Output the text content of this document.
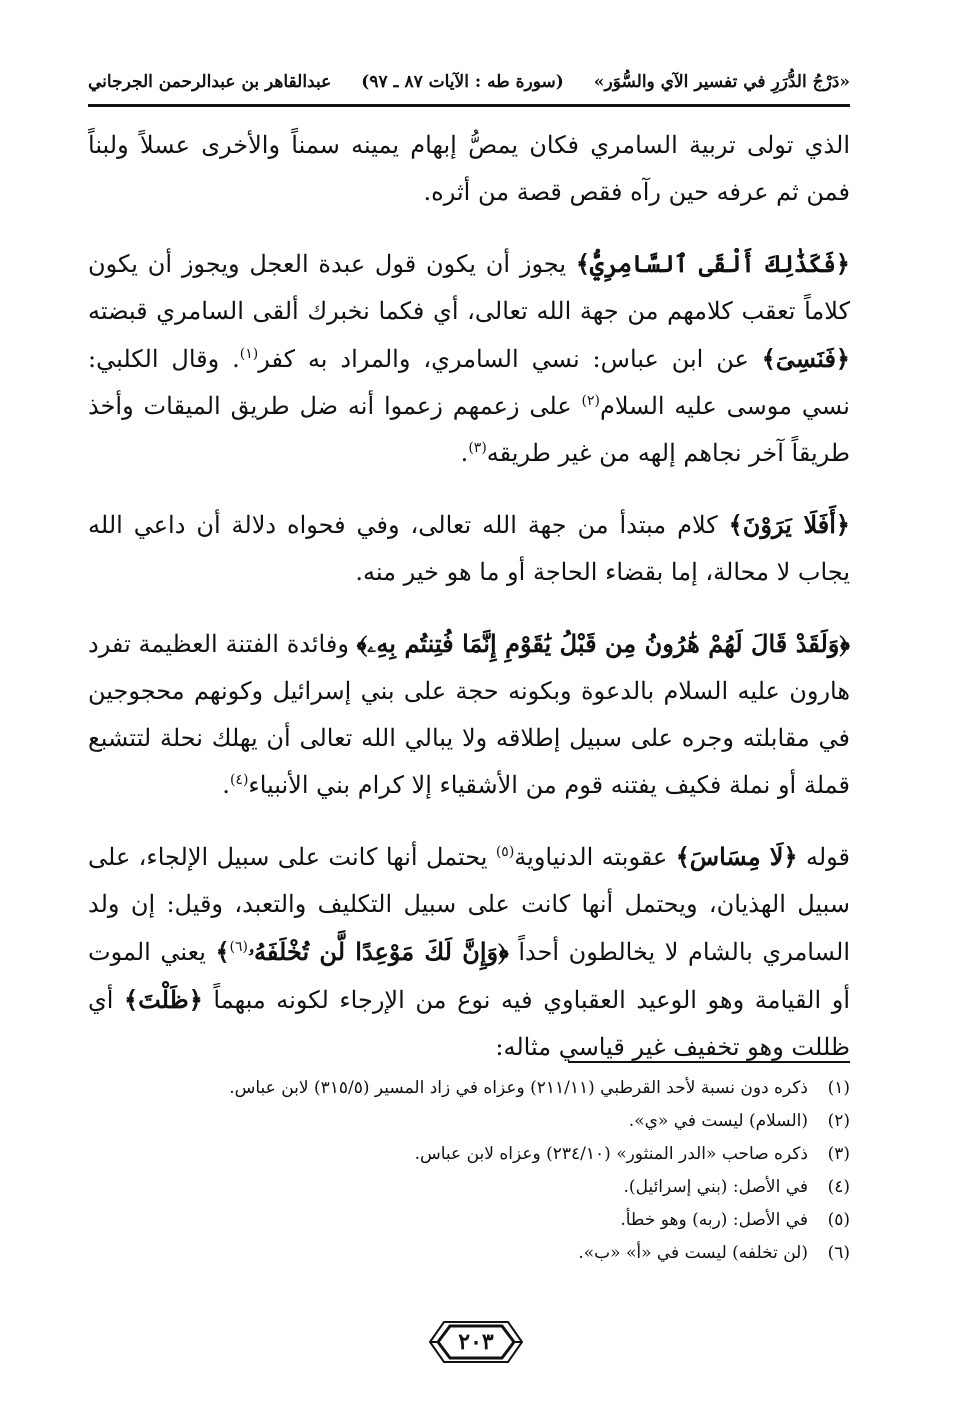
«دَرْجُ الدُّرَرِ في تفسير الآي والسُّوَر»
(سورة طه : الآيات ٨٧ ـ ٩٧)
عبدالقاهر بن عبدالرحمن الجرجاني

الذي تولى تربية السامري فكان يمصُّ إبهام يمينه سمناً والأخرى عسلاً ولبناً فمن ثم عرفه حين رآه فقص قصة من أثره.

﴿فَكَذَٰلِكَ أَلْقَى ٱلسَّامِرِيُّ﴾ يجوز أن يكون قول عبدة العجل ويجوز أن يكون كلاماً تعقب كلامهم من جهة الله تعالى، أي فكما نخبرك ألقى السامري قبضته ﴿فَنَسِىَ﴾ عن ابن عباس: نسي السامري، والمراد به كفر$^{(١)}$. وقال الكلبي: نسي موسى عليه السلام$^{(٢)}$ على زعمهم زعموا أنه ضل طريق الميقات وأخذ طريقاً آخر نجاهم إلهه من غير طريقه$^{(٣)}$.

﴿أَفَلَا يَرَوْنَ﴾ كلام مبتدأ من جهة الله تعالى، وفي فحواه دلالة أن داعي الله يجاب لا محالة، إما بقضاء الحاجة أو ما هو خير منه.

﴿وَلَقَدْ قَالَ لَهُمْ هَٰرُونُ مِن قَبْلُ يَٰقَوْمِ إِنَّمَا فُتِنتُم بِهِۦ﴾ وفائدة الفتنة العظيمة تفرد هارون عليه السلام بالدعوة وبكونه حجة على بني إسرائيل وكونهم محجوجين في مقابلته وجره على سبيل إطلاقه ولا يبالي الله تعالى أن يهلك نحلة لتتشبع قملة أو نملة فكيف يفتنه قوم من الأشقياء إلا كرام بني الأنبياء$^{(٤)}$.

قوله ﴿لَا مِسَاسَ﴾ عقوبته الدنياوية$^{(٥)}$ يحتمل أنها كانت على سبيل الإلجاء، على سبيل الهذيان، ويحتمل أنها كانت على سبيل التكليف والتعبد، وقيل: إن ولد السامري بالشام لا يخالطون أحداً ﴿وَإِنَّ لَكَ مَوْعِدًا لَّن تُخْلَفَهُۥ$^{(٦)}$﴾ يعني الموت أو القيامة وهو الوعيد العقباوي فيه نوع من الإرجاء لكونه مبهماً ﴿ظَلْتَ﴾ أي ظللت وهو تخفيف غير قياسي مثاله:

(١)
ذكره دون نسبة لأحد القرطبي (٢١١/١١) وعزاه في زاد المسير (٣١٥/٥) لابن عباس.
(٢)
(السلام) ليست في «ي».
(٣)
ذكره صاحب «الدر المنثور» (٢٣٤/١٠) وعزاه لابن عباس.
(٤)
في الأصل: (بني إسرائيل).
(٥)
في الأصل: (ربه) وهو خطأ.
(٦)
(لن تخلفه) ليست في «أ» «ب».
٢٠٣
